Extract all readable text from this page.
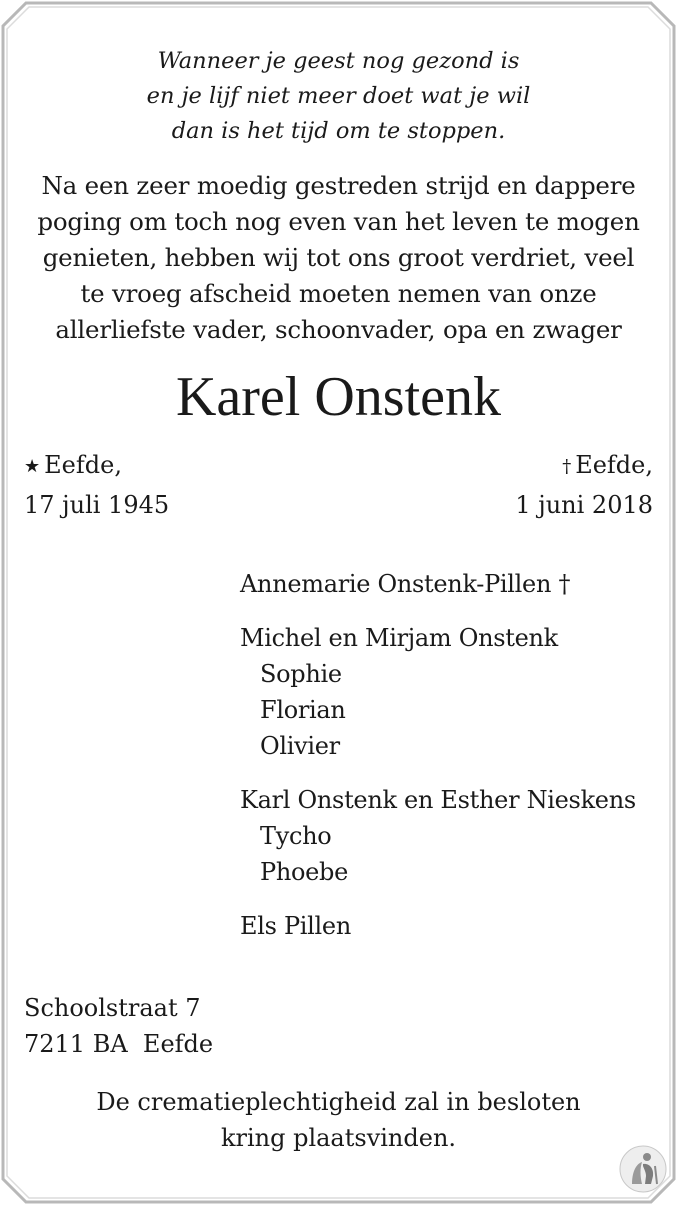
Wanneer je geest nog gezond is
en je lijf niet meer doet wat je wil
dan is het tijd om te stoppen.
Na een zeer moedig gestreden strijd en dappere
poging om toch nog even van het leven te mogen
genieten, hebben wij tot ons groot verdriet, veel
te vroeg afscheid moeten nemen van onze
allerliefste vader, schoonvader, opa en zwager
Karel Onstenk
★ Eefde,
17 juli 1945
† Eefde,
1 juni 2018
Annemarie Onstenk-Pillen †
Michel en Mirjam Onstenk
Sophie
Florian
Olivier
Karl Onstenk en Esther Nieskens
Tycho
Phoebe
Els Pillen
Schoolstraat 7
7211 BA  Eefde
De crematieplechtigheid zal in besloten
kring plaatsvinden.
